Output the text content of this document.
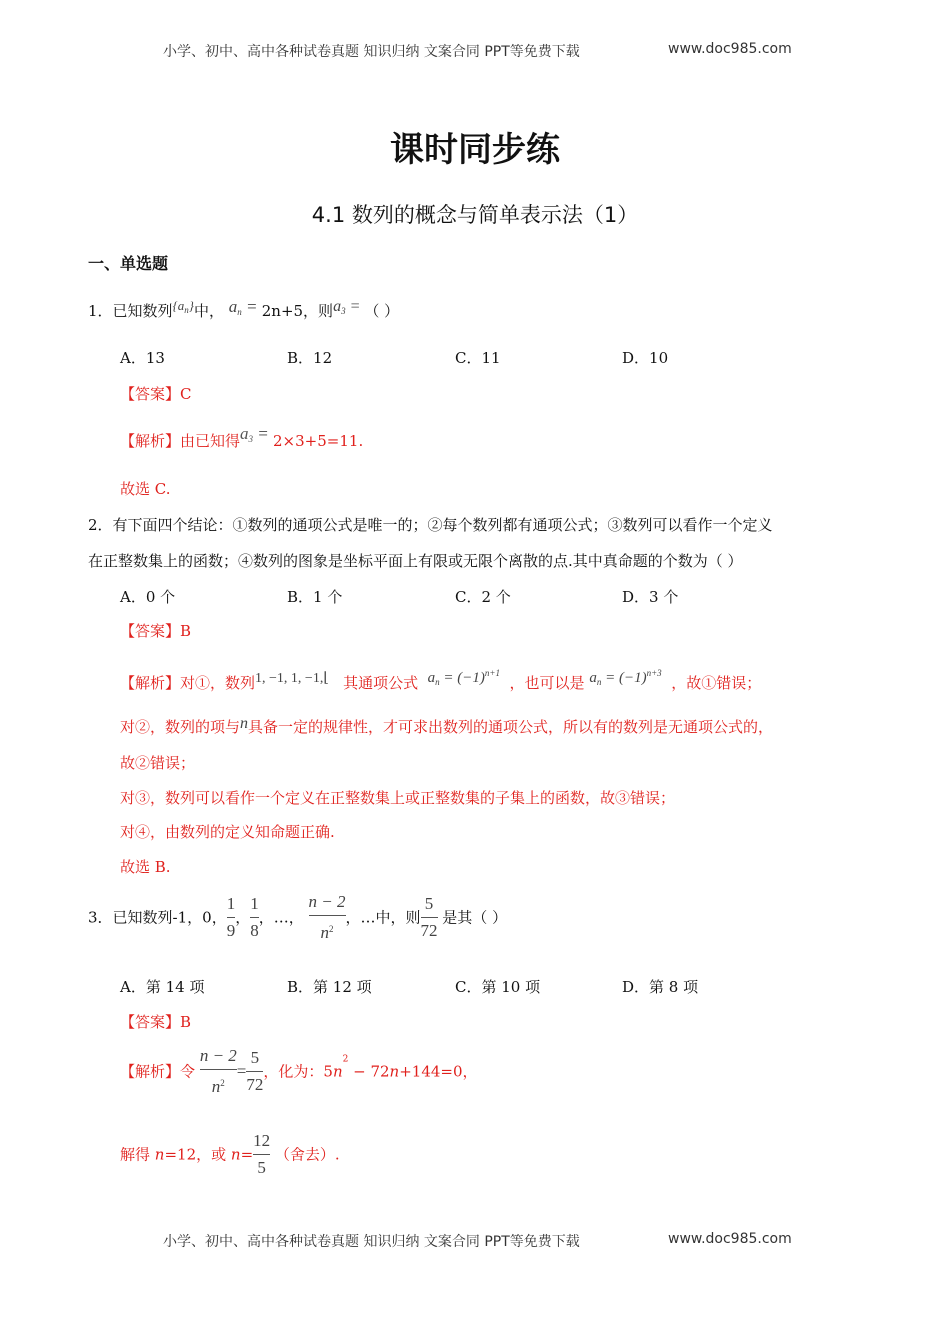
小学、初中、高中各种试卷真题 知识归纳 文案合同 PPT等免费下载	www.doc985.com
课时同步练
4.1 数列的概念与简单表示法（1）
一、单选题
1．已知数列$\{a_n\}$中， $a_n = 2n+5$，则$a_3$ = （ ）
A．13	B．12	C．11	D．10
【答案】C
【解析】由已知得$a_3 = 2\times 3+5=11$.
故选 C.
2．有下面四个结论：①数列的通项公式是唯一的；②每个数列都有通项公式；③数列可以看作一个定义
在正整数集上的函数；④数列的图象是坐标平面上有限或无限个离散的点.其中真命题的个数为（ ）
A．0 个	B．1 个	C．2 个	D．3 个
【答案】B
【解析】对①，数列1, −1, 1, −1,⌊ 其通项公式 $a_n = (-1)^{n+1}$  ，也可以是 $a_n = (-1)^{n+3}$  ，故①错误；
对②，数列的项与n具备一定的规律性，才可求出数列的通项公式，所以有的数列是无通项公式的，
故②错误；
对③，数列可以看作一个定义在正整数集上或正整数集的子集上的函数，故③错误；
对④，由数列的定义知命题正确.
故选 B.
3．已知数列-1，0， $\frac{1}{9}$ ， $\frac{1}{8}$ ，…， $\frac{n - 2}{n^2}$ ，…中，则 $\frac{5}{72}$ 是其（ ）
A．第 14 项	B．第 12 项	C．第 10 项	D．第 8 项
【答案】B
【解析】令 $\frac{n - 2}{n^2} = \frac{5}{72}$ ，化为：$5n^2 - 72n+144=0$，
解得 n=12，或 $n= \frac{12}{5}$ （舍去）.
小学、初中、高中各种试卷真题 知识归纳 文案合同 PPT等免费下载	www.doc985.com
